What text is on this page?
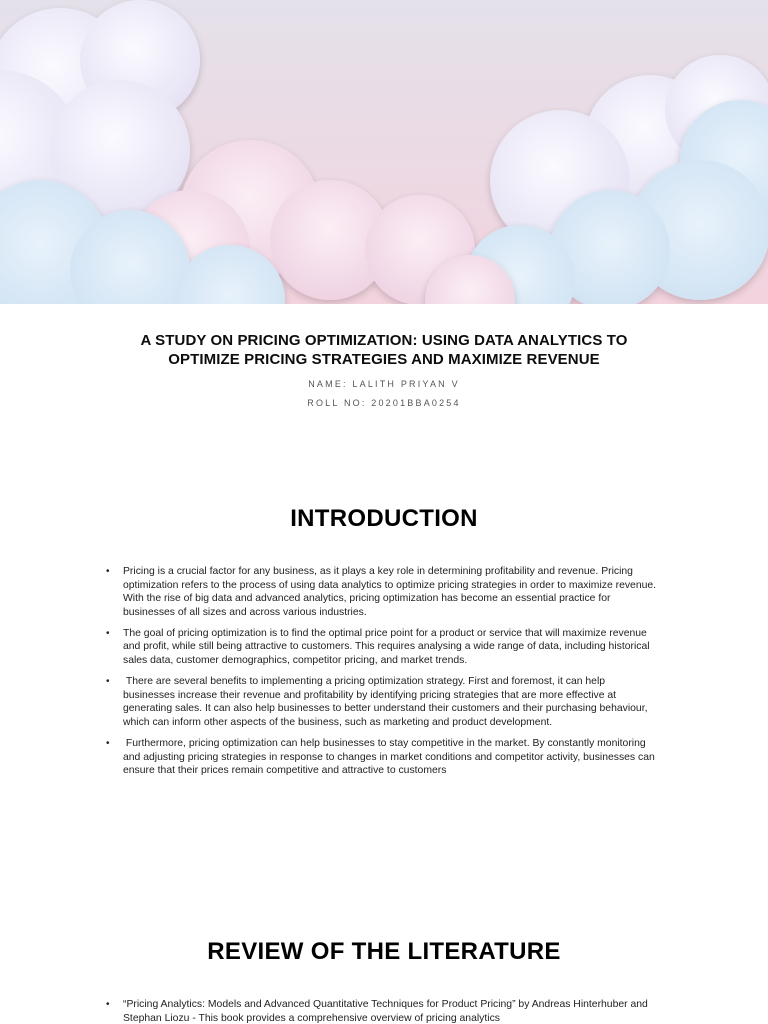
A STUDY ON PRICING OPTIMIZATION: USING DATA ANALYTICS TO
OPTIMIZE PRICING STRATEGIES AND MAXIMIZE REVENUE

NAME: LALITH PRIYAN V

ROLL NO: 20201BBA0254

INTRODUCTION
• Pricing is a crucial factor for any business, as it plays a key role in determining profitability and revenue. Pricing optimization refers to the process of using data analytics to optimize pricing strategies in order to maximize revenue. With the rise of big data and advanced analytics, pricing optimization has become an essential practice for businesses of all sizes and across various industries.
• The goal of pricing optimization is to find the optimal price point for a product or service that will maximize revenue and profit, while still being attractive to customers. This requires analysing a wide range of data, including historical sales data, customer demographics, competitor pricing, and market trends.
• There are several benefits to implementing a pricing optimization strategy. First and foremost, it can help businesses increase their revenue and profitability by identifying pricing strategies that are more effective at generating sales. It can also help businesses to better understand their customers and their purchasing behaviour, which can inform other aspects of the business, such as marketing and product development.
• Furthermore, pricing optimization can help businesses to stay competitive in the market. By constantly monitoring and adjusting pricing strategies in response to changes in market conditions and competitor activity, businesses can ensure that their prices remain competitive and attractive to customers
REVIEW OF THE LITERATURE
• “Pricing Analytics: Models and Advanced Quantitative Techniques for Product Pricing” by Andreas Hinterhuber and Stephan Liozu - This book provides a comprehensive overview of pricing analytics
